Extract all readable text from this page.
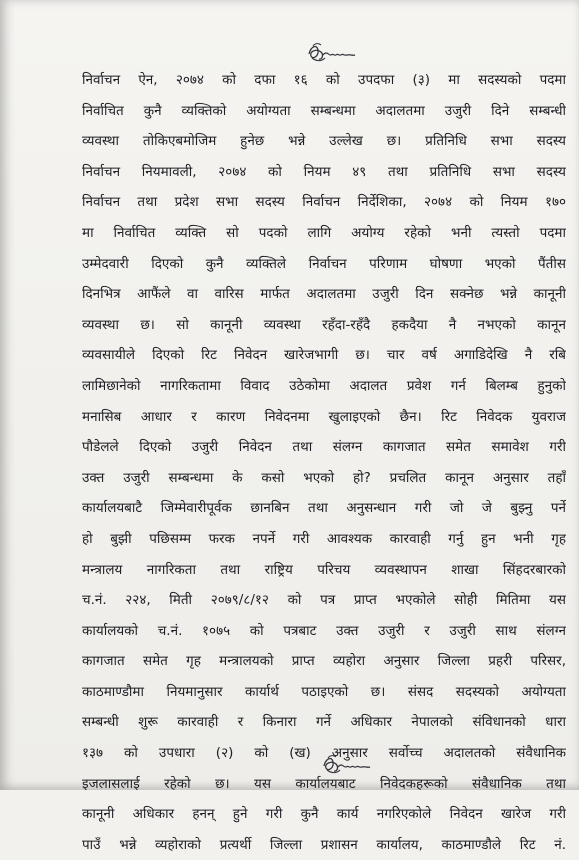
निर्वाचन ऐन, २०७४ को दफा १६ को उपदफा (३) मा सदस्यको पदमा
निर्वाचित कुनै व्यक्तिको अयोग्यता सम्बन्धमा अदालतमा उजुरी दिने सम्बन्धी
व्यवस्था तोकिएबमोजिम हुनेछ भन्ने उल्लेख छ। प्रतिनिधि सभा सदस्य
निर्वाचन नियमावली, २०७४ को नियम ४९ तथा प्रतिनिधि सभा सदस्य
निर्वाचन तथा प्रदेश सभा सदस्य निर्वाचन निर्देशिका, २०७४ को नियम १७०
मा निर्वाचित व्यक्ति सो पदको लागि अयोग्य रहेको भनी त्यस्तो पदमा
उम्मेदवारी दिएको कुनै व्यक्तिले निर्वाचन परिणाम घोषणा भएको पैंतीस
दिनभित्र आफैंले वा वारिस मार्फत अदालतमा उजुरी दिन सक्नेछ भन्ने कानूनी
व्यवस्था छ। सो कानूनी व्यवस्था रहँदा-रहँदै हकदैया नै नभएको कानून
व्यवसायीले दिएको रिट निवेदन खारेजभागी छ। चार वर्ष अगाडिदेखि नै रबि
लामिछानेको नागरिकतामा विवाद उठेकोमा अदालत प्रवेश गर्न बिलम्ब हुनुको
मनासिब आधार र कारण निवेदनमा खुलाइएको छैन। रिट निवेदक युवराज
पौडेलले दिएको उजुरी निवेदन तथा संलग्न कागजात समेत समावेश गरी
उक्त उजुरी सम्बन्धमा के कसो भएको हो? प्रचलित कानून अनुसार तहाँ
कार्यालयबाटै जिम्मेवारीपूर्वक छानबिन तथा अनुसन्धान गरी जो जे बुझ्नु पर्ने
हो बुझी पछिसम्म फरक नपर्ने गरी आवश्यक कारवाही गर्नु हुन भनी गृह
मन्त्रालय नागरिकता तथा राष्ट्रिय परिचय व्यवस्थापन शाखा सिंहदरबारको
च.नं. २२४, मिती २०७९/८/१२ को पत्र प्राप्त भएकोले सोही मितिमा यस
कार्यालयको च.नं. १०७५ को पत्रबाट उक्त उजुरी र उजुरी साथ संलग्न
कागजात समेत गृह मन्त्रालयको प्राप्त व्यहोरा अनुसार जिल्ला प्रहरी परिसर,
काठमाण्डौमा नियमानुसार कार्यार्थ पठाइएको छ। संसद सदस्यको अयोग्यता
सम्बन्धी शुरू कारवाही र किनारा गर्ने अधिकार नेपालको संविधानको धारा
१३७ को उपधारा (२) को (ख) अनुसार सर्वोच्च अदालतको संवैधानिक
इजलासलाई रहेको छ। यस कार्यालयबाट निवेदकहरूको संवैधानिक तथा
कानूनी अधिकार हनन् हुने गरी कुनै कार्य नगरिएकोले निवेदन खारेज गरी
पाउँ भन्ने व्यहोराको प्रत्यर्थी जिल्ला प्रशासन कार्यालय, काठमाण्डौले रिट नं.
